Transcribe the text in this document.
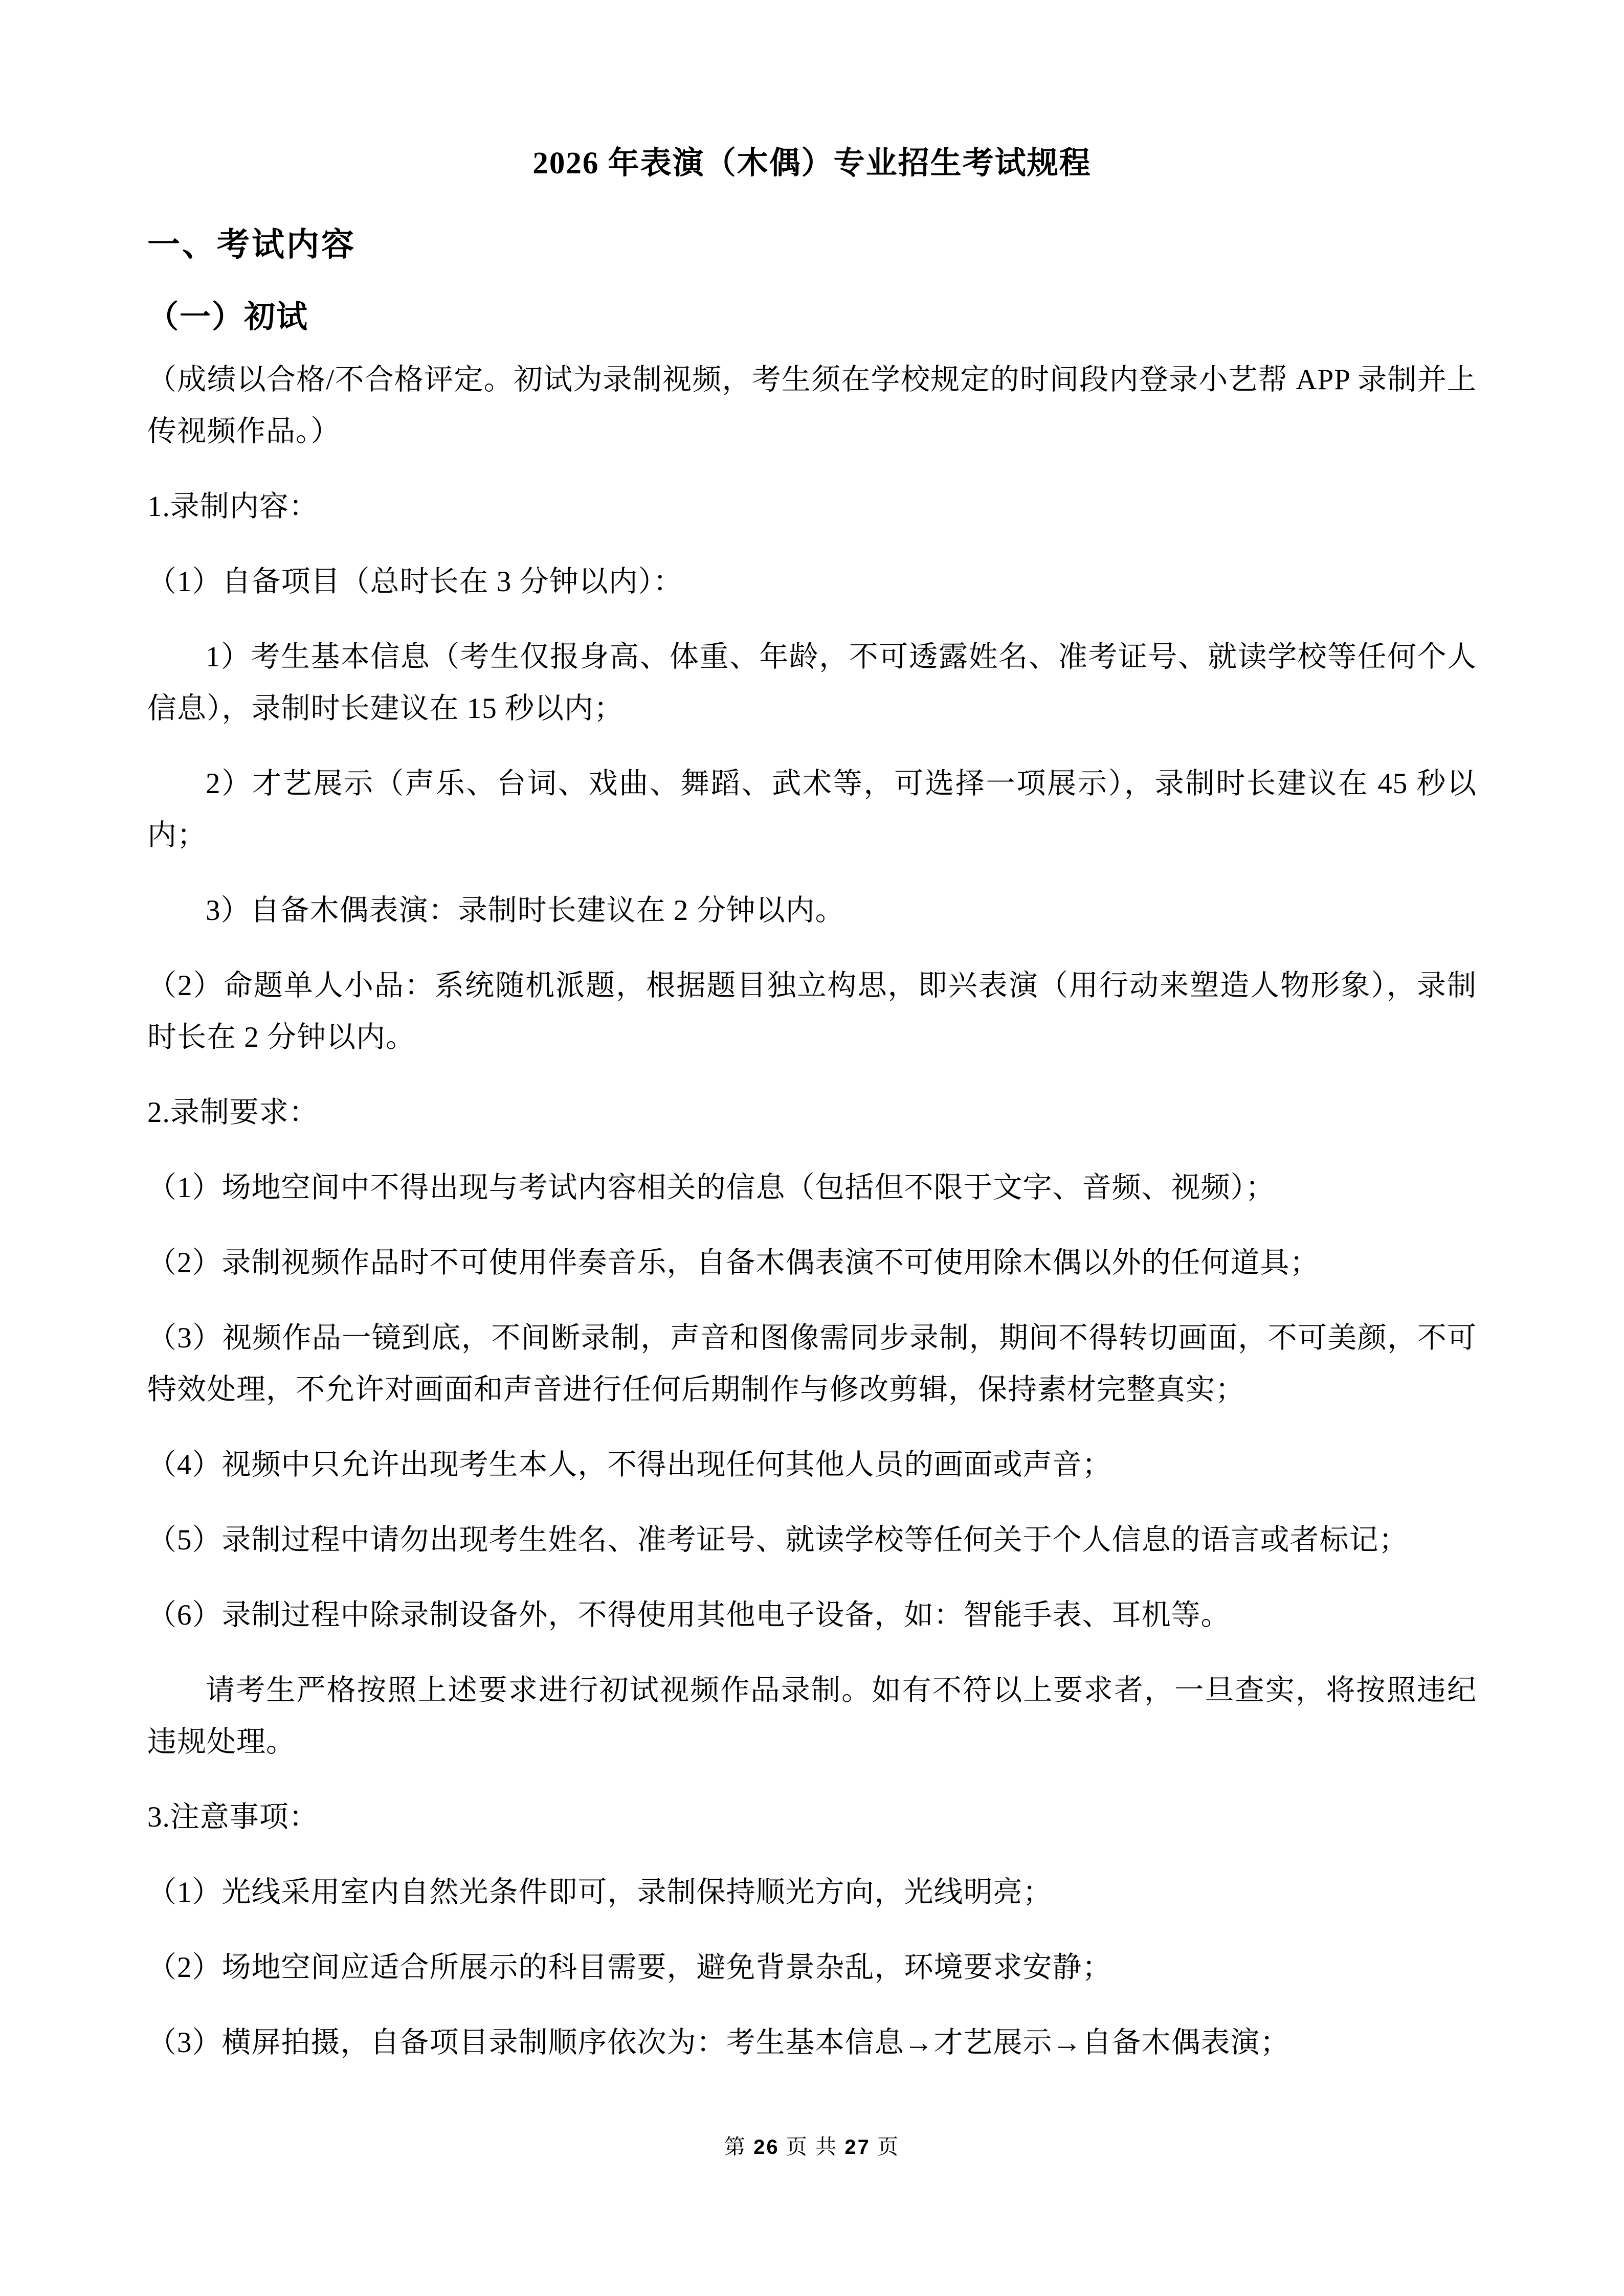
2026 年表演（木偶）专业招生考试规程
一、考试内容
（一）初试

（成绩以合格/不合格评定。初试为录制视频，考生须在学校规定的时间段内登录小艺帮 APP 录制并上传视频作品。）

1.录制内容：

（1）自备项目（总时长在 3 分钟以内）：

1）考生基本信息（考生仅报身高、体重、年龄，不可透露姓名、准考证号、就读学校等任何个人信息），录制时长建议在 15 秒以内；

2）才艺展示（声乐、台词、戏曲、舞蹈、武术等，可选择一项展示），录制时长建议在 45 秒以内；

3）自备木偶表演：录制时长建议在 2 分钟以内。

（2）命题单人小品：系统随机派题，根据题目独立构思，即兴表演（用行动来塑造人物形象），录制时长在 2 分钟以内。

2.录制要求：

（1）场地空间中不得出现与考试内容相关的信息（包括但不限于文字、音频、视频）；

（2）录制视频作品时不可使用伴奏音乐，自备木偶表演不可使用除木偶以外的任何道具；

（3）视频作品一镜到底，不间断录制，声音和图像需同步录制，期间不得转切画面，不可美颜，不可特效处理，不允许对画面和声音进行任何后期制作与修改剪辑，保持素材完整真实；

（4）视频中只允许出现考生本人，不得出现任何其他人员的画面或声音；

（5）录制过程中请勿出现考生姓名、准考证号、就读学校等任何关于个人信息的语言或者标记；

（6）录制过程中除录制设备外，不得使用其他电子设备，如：智能手表、耳机等。

请考生严格按照上述要求进行初试视频作品录制。如有不符以上要求者，一旦查实，将按照违纪违规处理。

3.注意事项：

（1）光线采用室内自然光条件即可，录制保持顺光方向，光线明亮；

（2）场地空间应适合所展示的科目需要，避免背景杂乱，环境要求安静；

（3）横屏拍摄，自备项目录制顺序依次为：考生基本信息→才艺展示→自备木偶表演；

第 26 页 共 27 页
